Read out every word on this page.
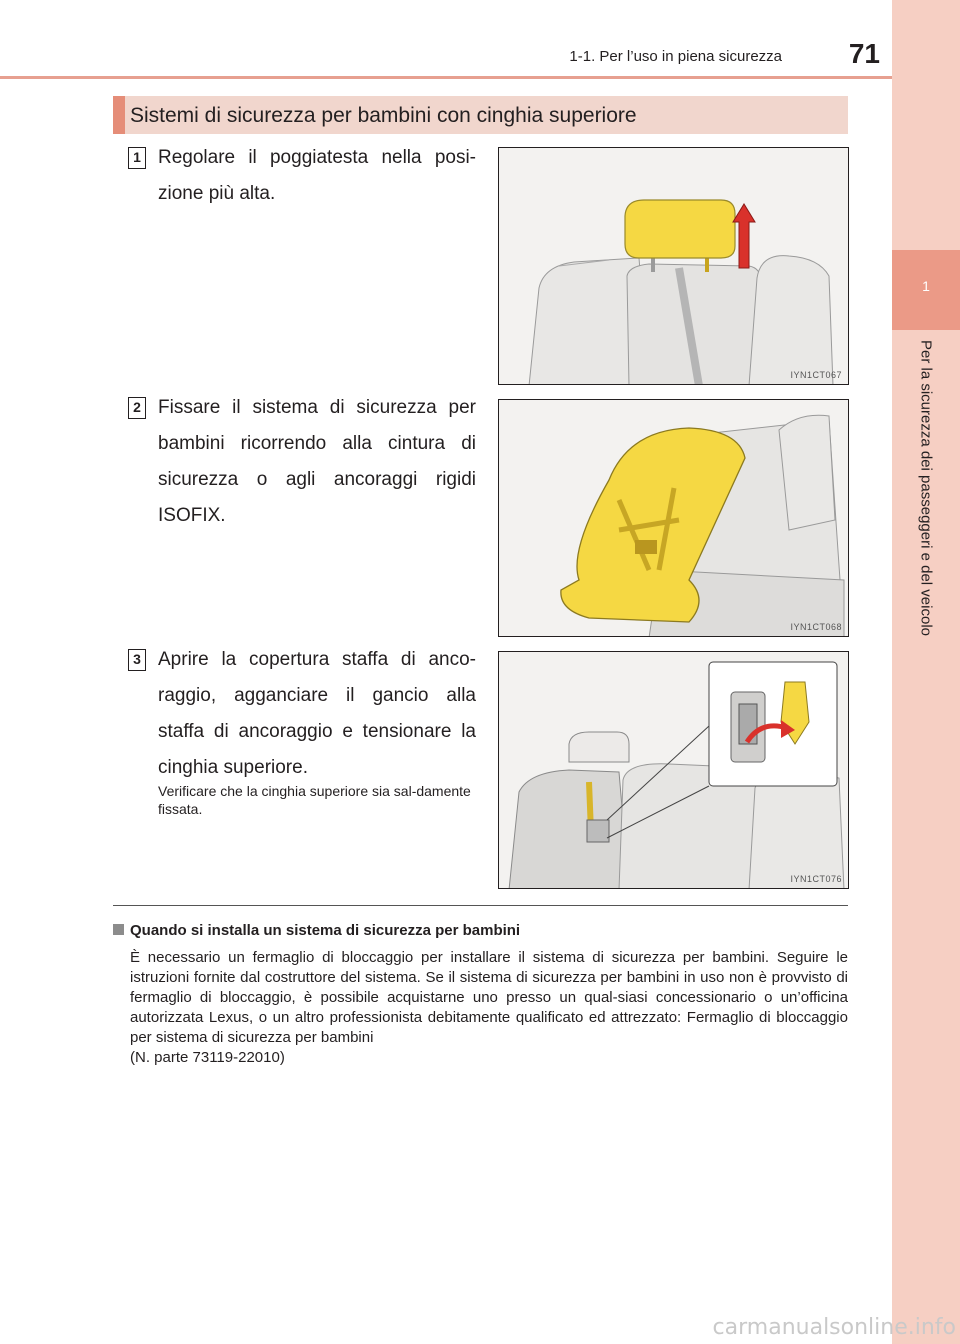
1-1. Per l’uso in piena sicurezza 71
1
Per la sicurezza dei passeggeri e del veicolo
Sistemi di sicurezza per bambini con cinghia superiore
1 Regolare il poggiatesta nella posi-zione più alta.
IYN1CT067
2 Fissare il sistema di sicurezza per bambini ricorrendo alla cintura di sicurezza o agli ancoraggi rigidi ISOFIX.
IYN1CT068
3 Aprire la copertura staffa di anco-raggio, agganciare il gancio alla staffa di ancoraggio e tensionare la cinghia superiore.
Verificare che la cinghia superiore sia sal-damente fissata.
IYN1CT076
Quando si installa un sistema di sicurezza per bambini

È necessario un fermaglio di bloccaggio per installare il sistema di sicurezza per bambini. Seguire le istruzioni fornite dal costruttore del sistema. Se il sistema di sicurezza per bambini in uso non è provvisto di fermaglio di bloccaggio, è possibile acquistarne uno presso un qual-siasi concessionario o un’officina autorizzata Lexus, o un altro professionista debitamente qualificato ed attrezzato: Fermaglio di bloccaggio per sistema di sicurezza per bambini

(N. parte 73119-22010)

carmanualsonline.info
